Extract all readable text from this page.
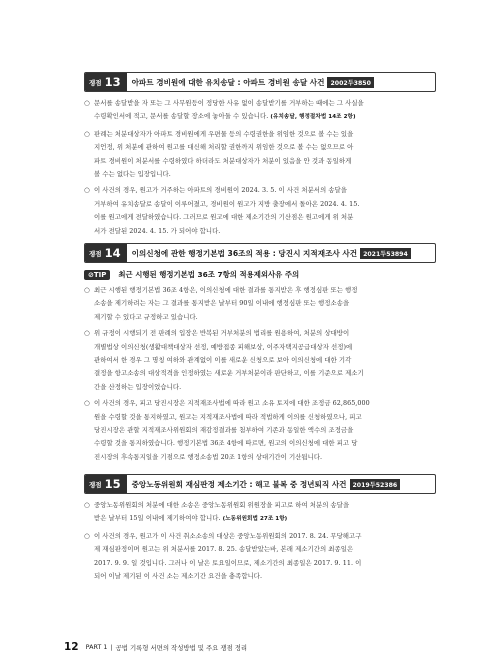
쟁점 13	아파트 경비원에 대한 유치송달 : 아파트 경비원 송달 사건 2002두3850
○ 문서를 송달받을 자 또는 그 사무원등이 정당한 사유 없이 송달받기를 거부하는 때에는 그 사실을
수령확인서에 적고, 문서를 송달할 장소에 놓아둘 수 있습니다. (유치송달, 행정절차법 14조 2항)
○ 판례는 처분대상자가 아파트 경비원에게 우편물 등의 수령권한을 위임한 것으로 볼 수는 있을
지언정, 위 처분에 관하여 원고를 대신해 처리할 권한까지 위임한 것으로 볼 수는 없으므로 아
파트 경비원이 처분서를 수령하였다 하더라도 처분대상자가 처분이 있음을 안 것과 동일하게
볼 수는 없다는 입장입니다.
○ 이 사건의 경우, 원고가 거주하는 아파트의 경비원이 2024. 3. 5. 이 사건 처분서의 송달을
거부하여 유치송달로 송달이 이루어졌고, 경비원이 원고가 지방 출장에서 돌아온 2024. 4. 15.
이를 원고에게 전달하였습니다. 그러므로 원고에 대한 제소기간의 기산점은 원고에게 위 처분
서가 전달된 2024. 4. 15. 가 되어야 합니다.
쟁점 14	이의신청에 관한 행정기본법 36조의 적용 : 당진시 지적재조사 사건 2021두53894
⊘TIP	최근 시행된 행정기본법 36조 7항의 적용제외사유 주의
○ 최근 시행된 행정기본법 36조 4항은, 이의신청에 대한 결과를 통지받은 후 행정심판 또는 행정
소송을 제기하려는 자는 그 결과를 통지받은 날부터 90일 이내에 행정심판 또는 행정소송을
제기할 수 있다고 규정하고 있습니다.
○ 위 규정이 시행되기 전 판례의 입장은 반복된 거부처분의 법리를 원용하여, 처분의 상대방이
개별법상 이의신청(생활대책대상자 선정, 예방접종 피해보상, 이주자택지공급대상자 선정)에
관하여서 한 경우 그 명칭 여하와 관계없이 이를 새로운 신청으로 보아 이의신청에 대한 기각
결정을 항고소송의 대상적격을 인정하였는 새로운 거부처분이라 판단하고, 이를 기준으로 제소기
간을 산정하는 입장이었습니다.
○ 이 사건의 경우, 피고 당진시장은 지적재조사법에 따라 원고 소유 토지에 대한 조정금 62,865,000
원을 수령할 것을 통지하였고, 원고는 지적재조사법에 따라 적법하게 이의를 신청하였으나, 피고
당진시장은 관할 지적재조사위원회의 재감정결과를 첨부하여 기존과 동일한 액수의 조정금을
수령할 것을 통지하였습니다. 행정기본법 36조 4항에 따르면, 원고의 이의신청에 대한 피고 당
진시장의 후속통지일을 기점으로 행정소송법 20조 1항의 상대기간이 기산됩니다.
쟁점 15	중앙노동위원회 재심판정 제소기간 : 해고 불복 중 정년퇴직 사건 2019두52386
○ 중앙노동위원회의 처분에 대한 소송은 중앙노동위원회 위원장을 피고로 하여 처분의 송달을
받은 날부터 15일 이내에 제기하여야 합니다. (노동위원회법 27조 1항)
○ 이 사건의 경우, 원고가 이 사건 취소소송의 대상은 중앙노동위원회의 2017. 8. 24. 무당해고구
제 재심판정이며 원고는 위 처분서를 2017. 8. 25. 송달받았는바, 본래 제소기간의 최종일은
2017. 9. 9. 일 것입니다. 그러나 이 날은 토요일이므로, 제소기간의 최종일은 2017. 9. 11. 이
되어 이날 제기된 이 사건 소는 제소기간 요건을 충족합니다.
12 PART 1 | 공법 기록형 서면의 작성방법 및 주요 쟁점 정리
